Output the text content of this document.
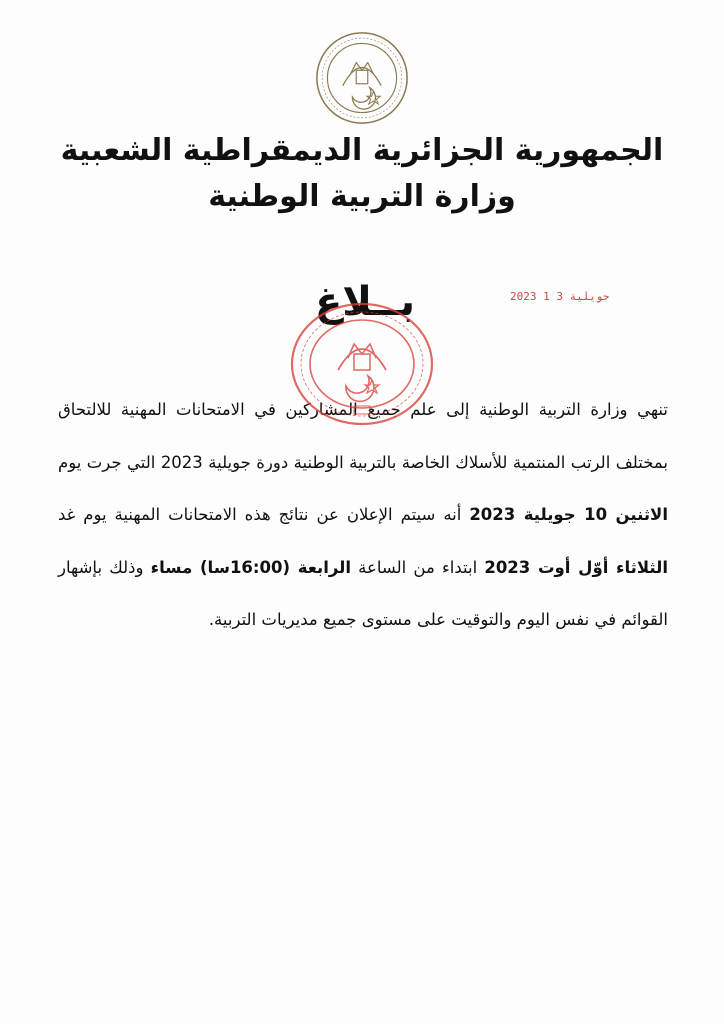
الجمهورية الجزائرية الديمقراطية الشعبية
وزارة التربية الوطنية
2023 جويلية 3 1
بــلاغ
تنهي وزارة التربية الوطنية إلى علم جميع المشاركين في الامتحانات المهنية للالتحاق بمختلف الرتب المنتمية للأسلاك الخاصة بالتربية الوطنية دورة جويلية 2023 التي جرت يوم الاثنين 10 جويلية 2023 أنه سيتم الإعلان عن نتائج هذه الامتحانات المهنية يوم غد الثلاثاء أوّل أوت 2023 ابتداء من الساعة الرابعة (16:00سا) مساء وذلك بإشهار القوائم في نفس اليوم والتوقيت على مستوى جميع مديريات التربية.
